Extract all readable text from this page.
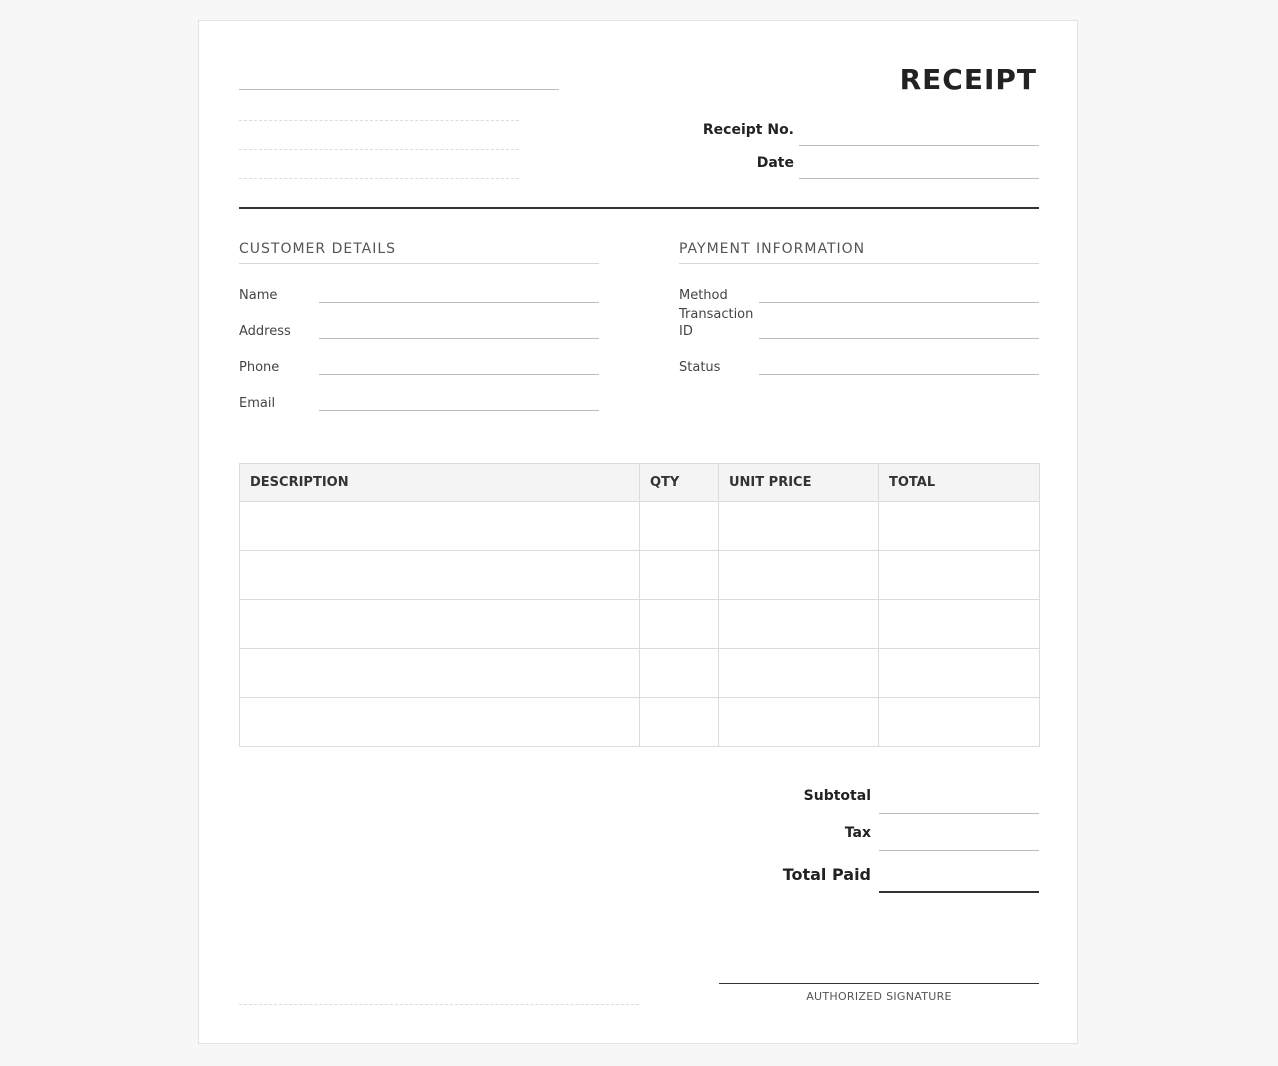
RECEIPT
Receipt No.
Date
CUSTOMER DETAILS
Name
Address
Phone
Email
PAYMENT INFORMATION
Method
Transaction ID
Status
DESCRIPTION	QTY	UNIT PRICE	TOTAL

Subtotal
Tax
Total Paid
AUTHORIZED SIGNATURE
